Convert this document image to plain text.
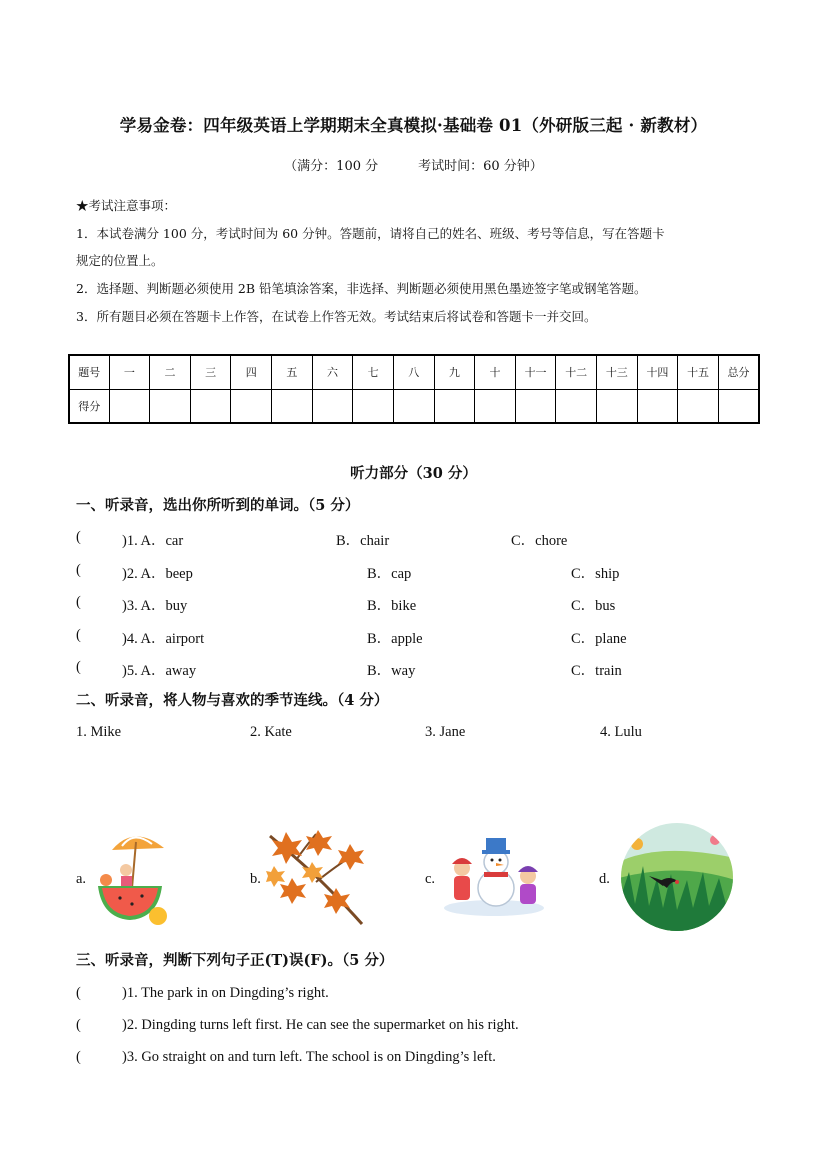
学易金卷：四年级英语上学期期末全真模拟·基础卷 01（外研版三起 · 新教材）
（满分：100 分	考试时间：60 分钟）
★考试注意事项：
1．本试卷满分 100 分，考试时间为 60 分钟。答题前，请将自己的姓名、班级、考号等信息，写在答题卡
规定的位置上。
2．选择题、判断题必须使用 2B 铅笔填涂答案，非选择、判断题必须使用黑色墨迹签字笔或钢笔答题。
3．所有题目必须在答题卡上作答，在试卷上作答无效。考试结束后将试卷和答题卡一并交回。
题号	一	二	三	四	五	六	七	八	九	十	十一	十二	十三	十四	十五	总分
得分																
听力部分（30 分）
一、听录音，选出你所听到的单词。（5 分）
(	)1. A．car	B．chair	C．chore
(	)2. A．beep	B．cap	C．ship
(	)3. A．buy	B．bike	C．bus
(	)4. A．airport	B．apple	C．plane
(	)5. A．away	B．way	C．train
二、听录音，将人物与喜欢的季节连线。（4 分）
1. Mike	2. Kate	3. Jane	4. Lulu
a.	b.	c.	d.
三、听录音，判断下列句子正(T)误(F)。（5 分）
(	)1. The park in on Dingding’s right.
(	)2. Dingding turns left first. He can see the supermarket on his right.
(	)3. Go straight on and turn left. The school is on Dingding’s left.
